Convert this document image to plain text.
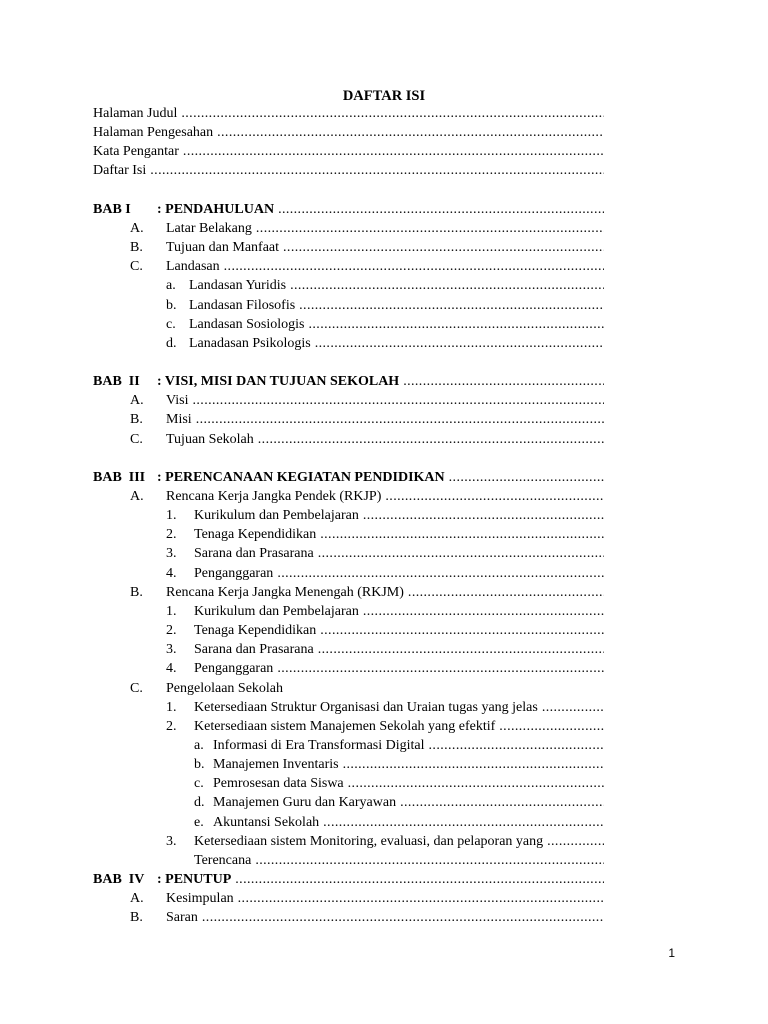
DAFTAR ISI
Halaman Judul
.....
Halaman Pengesahan
.....
Kata Pengantar
.....
Daftar Isi
.....
BAB I	: PENDAHULUAN
.....
A.	Latar Belakang
.....
B.	Tujuan dan Manfaat
.....
C.	Landasan
.....
a. Landasan Yuridis
.....
b. Landasan Filosofis
.....
c. Landasan Sosiologis
.....
d. Lanadasan Psikologis
.....
BAB  II	: VISI, MISI DAN TUJUAN SEKOLAH
.....
A.	Visi
.....
B.	Misi
.....
C.	Tujuan Sekolah
.....
BAB  III : PERENCANAAN KEGIATAN PENDIDIKAN
.....
A.	Rencana Kerja Jangka Pendek (RKJP)
.....
1.	Kurikulum dan Pembelajaran
.....
2.	Tenaga Kependidikan
.....
3.	Sarana dan Prasarana
.....
4.	Penganggaran
.....
B.	Rencana Kerja Jangka Menengah (RKJM)
.....
1.	Kurikulum dan Pembelajaran
.....
2.	Tenaga Kependidikan
.....
3.	Sarana dan Prasarana
.....
4.	Penganggaran
.....
C.	Pengelolaan Sekolah
1.	Ketersediaan Struktur Organisasi dan Uraian tugas yang jelas
.....
2.	Ketersediaan sistem Manajemen Sekolah yang efektif
.....
a. Informasi di Era Transformasi Digital
.....
b. Manajemen Inventaris
.....
c. Pemrosesan data Siswa
.....
d. Manajemen Guru dan Karyawan
.....
e. Akuntansi Sekolah
.....
3.	Ketersediaan sistem Monitoring, evaluasi, dan pelaporan yang
.....
Terencana
.....
BAB  IV : PENUTUP
.....
A.	Kesimpulan
.....
B.	Saran
.....
1
